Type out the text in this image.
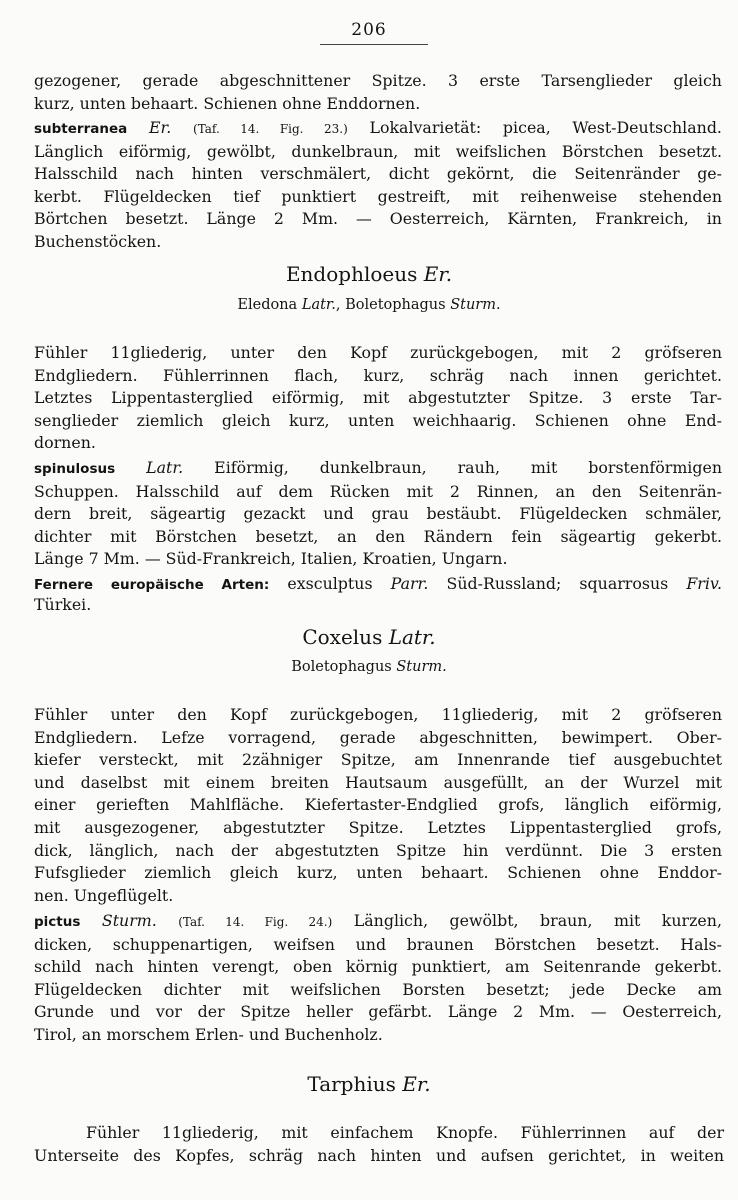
206
gezogener, gerade abgeschnittener Spitze. 3 erste Tarsenglieder gleich
kurz, unten behaart. Schienen ohne Enddornen.
subterranea Er. (Taf. 14. Fig. 23.) Lokalvarietät: picea, West-Deutschland.
Länglich eiförmig, gewölbt, dunkelbraun, mit weifslichen Börstchen besetzt.
Halsschild nach hinten verschmälert, dicht gekörnt, die Seitenränder ge-
kerbt. Flügeldecken tief punktiert gestreift, mit reihenweise stehenden
Börtchen besetzt. Länge 2 Mm. — Oesterreich, Kärnten, Frankreich, in
Buchenstöcken.
Endophloeus Er.
Eledona Latr., Boletophagus Sturm.
Fühler 11gliederig, unter den Kopf zurückgebogen, mit 2 gröfseren
Endgliedern. Fühlerrinnen flach, kurz, schräg nach innen gerichtet.
Letztes Lippentasterglied eiförmig, mit abgestutzter Spitze. 3 erste Tar-
senglieder ziemlich gleich kurz, unten weichhaarig. Schienen ohne End-
dornen.
spinulosus Latr. Eiförmig, dunkelbraun, rauh, mit borstenförmigen
Schuppen. Halsschild auf dem Rücken mit 2 Rinnen, an den Seitenrän-
dern breit, sägeartig gezackt und grau bestäubt. Flügeldecken schmäler,
dichter mit Börstchen besetzt, an den Rändern fein sägeartig gekerbt.
Länge 7 Mm. — Süd-Frankreich, Italien, Kroatien, Ungarn.
Fernere europäische Arten: exsculptus Parr. Süd-Russland; squarrosus Friv.
Türkei.
Coxelus Latr.
Boletophagus Sturm.
Fühler unter den Kopf zurückgebogen, 11gliederig, mit 2 gröfseren
Endgliedern. Lefze vorragend, gerade abgeschnitten, bewimpert. Ober-
kiefer versteckt, mit 2zähniger Spitze, am Innenrande tief ausgebuchtet
und daselbst mit einem breiten Hautsaum ausgefüllt, an der Wurzel mit
einer gerieften Mahlfläche. Kiefertaster-Endglied grofs, länglich eiförmig,
mit ausgezogener, abgestutzter Spitze. Letztes Lippentasterglied grofs,
dick, länglich, nach der abgestutzten Spitze hin verdünnt. Die 3 ersten
Fufsglieder ziemlich gleich kurz, unten behaart. Schienen ohne Enddor-
nen. Ungeflügelt.
pictus Sturm. (Taf. 14. Fig. 24.) Länglich, gewölbt, braun, mit kurzen,
dicken, schuppenartigen, weifsen und braunen Börstchen besetzt. Hals-
schild nach hinten verengt, oben körnig punktiert, am Seitenrande gekerbt.
Flügeldecken dichter mit weifslichen Borsten besetzt; jede Decke am
Grunde und vor der Spitze heller gefärbt. Länge 2 Mm. — Oesterreich,
Tirol, an morschem Erlen- und Buchenholz.
Tarphius Er.
Fühler 11gliederig, mit einfachem Knopfe. Fühlerrinnen auf der
Unterseite des Kopfes, schräg nach hinten und aufsen gerichtet, in weiten
